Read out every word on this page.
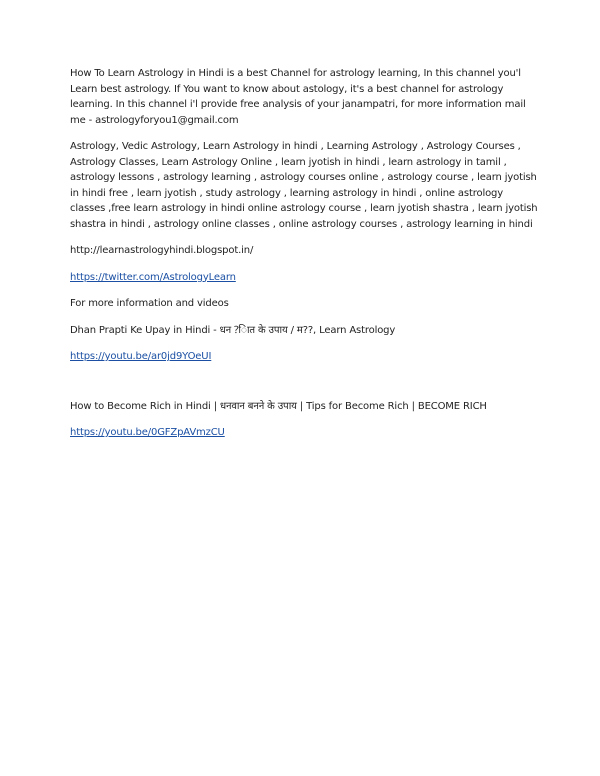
How To Learn Astrology in Hindi is a best Channel for astrology learning, In this channel you'l Learn best astrology. If You want to know about astology, it's a best channel for astrology learning. In this channel i'l provide free analysis of your janampatri, for more information mail me - astrologyforyou1@gmail.com

Astrology, Vedic Astrology, Learn Astrology in hindi , Learning Astrology , Astrology Courses , Astrology Classes, Learn Astrology Online , learn jyotish in hindi , learn astrology in tamil , astrology lessons , astrology learning , astrology courses online , astrology course , learn jyotish in hindi free , learn jyotish , study astrology , learning astrology in hindi , online astrology classes ,free learn astrology in hindi online astrology course , learn jyotish shastra , learn jyotish shastra in hindi , astrology online classes , online astrology courses , astrology learning in hindi

http://learnastrologyhindi.blogspot.in/

https://twitter.com/AstrologyLearn

For more information and videos

Dhan Prapti Ke Upay in Hindi - धन ?ाित के उपाय / म??, Learn Astrology

https://youtu.be/ar0jd9YOeUI

How to Become Rich in Hindi | धनवान बनने के उपाय | Tips for Become Rich | BECOME RICH

https://youtu.be/0GFZpAVmzCU
